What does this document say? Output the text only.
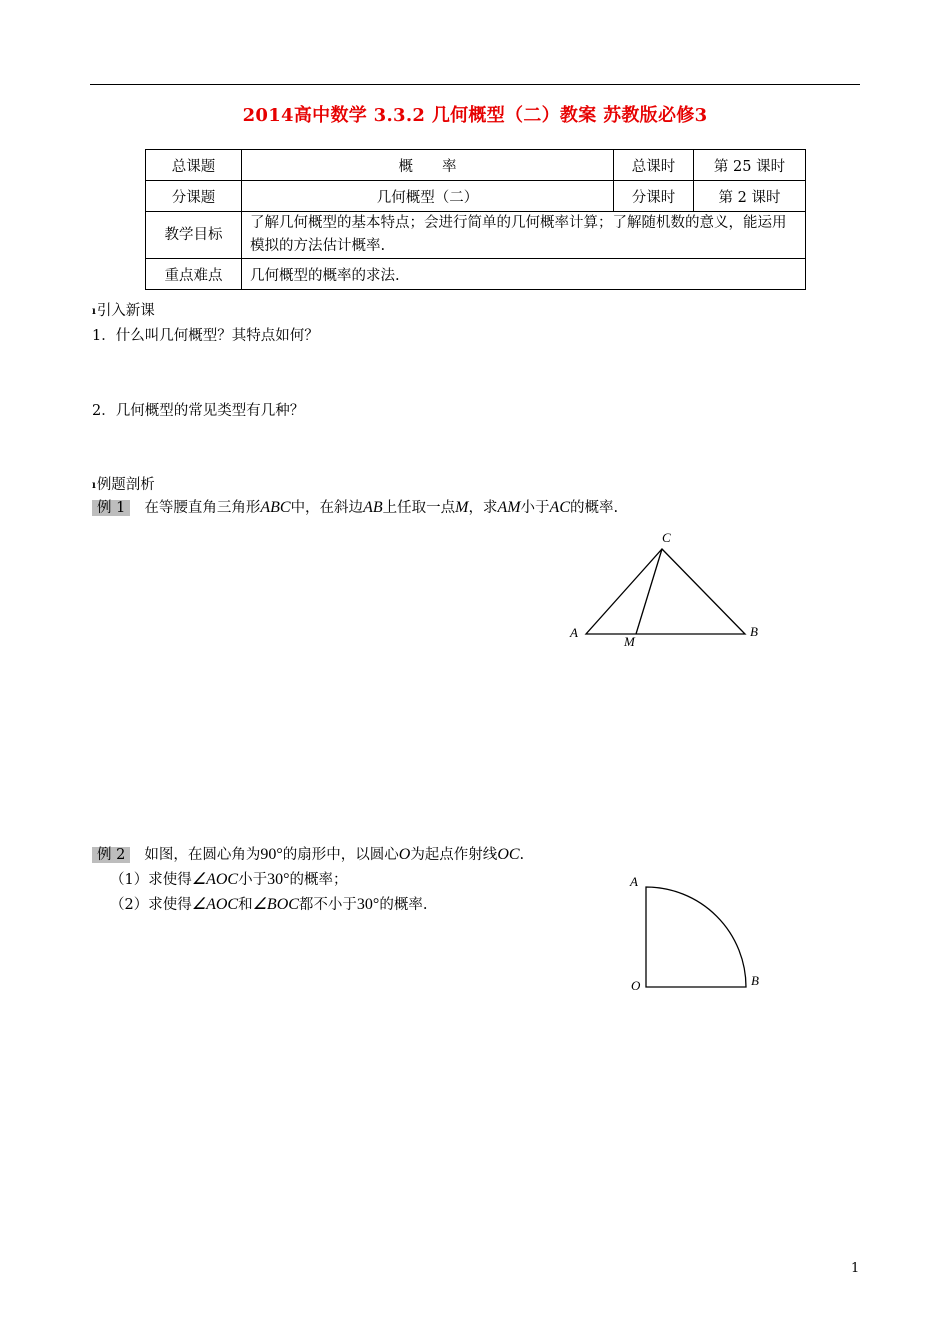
2014高中数学 3.3.2 几何概型（二）教案 苏教版必修3
总课题	概　　率	总课时	第 25 课时
分课题	几何概型（二）	分课时	第 2 课时
教学目标	了解几何概型的基本特点；会进行简单的几何概率计算；了解随机数的意义，能运用模拟的方法估计概率.		
重点难点	几何概型的概率的求法.		
ı引入新课
1．什么叫几何概型？其特点如何？
2．几何概型的常见类型有几种？
ı例题剖析
例 1 在等腰直角三角形ABC中，在斜边AB上任取一点M，求AM小于AC的概率.
C
A	B
M
例 2 如图，在圆心角为90°的扇形中，以圆心O为起点作射线OC.
（1）求使得∠AOC小于30°的概率；
（2）求使得∠AOC和∠BOC都不小于30°的概率.
A
B
O
1
